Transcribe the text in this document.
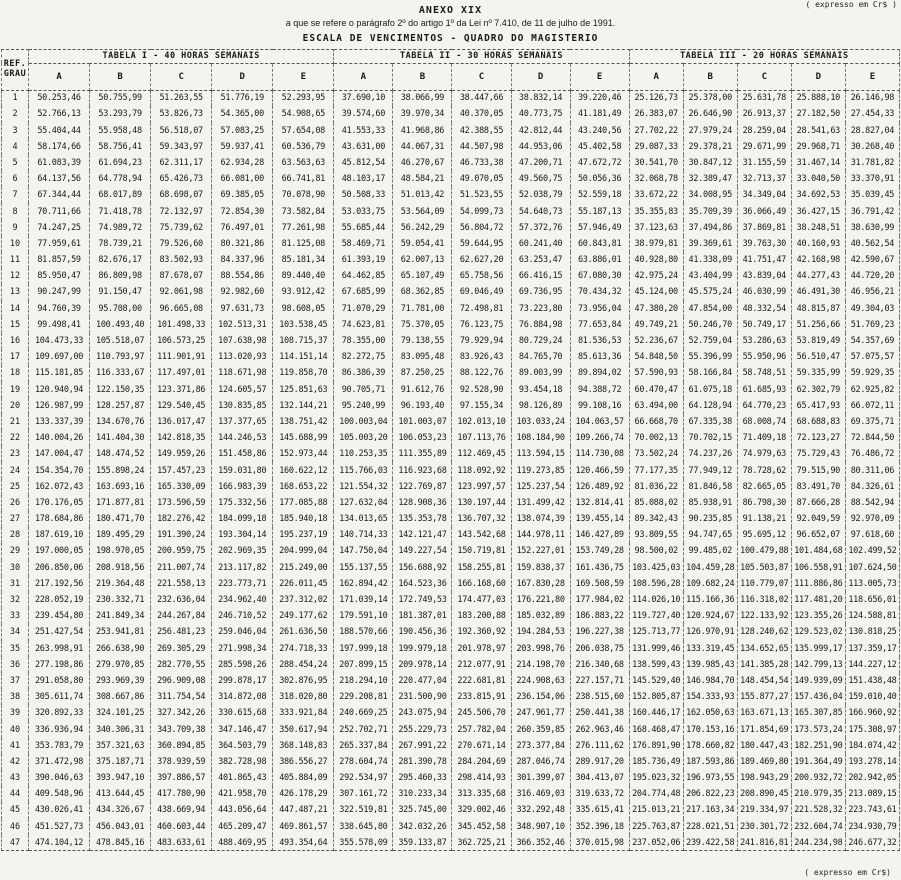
( expresso em Cr$ )
ANEXO XIX
a que se refere o parágrafo 2º do artigo 1º da Lei nº 7.410, de 11 de julho de 1991.
ESCALA DE VENCIMENTOS - QUADRO DO MAGISTERIO
REF.
GRAU	TABELA I - 40 HORAS SEMANAIS					TABELA II - 30 HORAS SEMANAIS					TABELA III - 20 HORAS SEMANAIS				
	A	B	C	D	E	A	B	C	D	E	A	B	C	D	E
1	50.253,46	50.755,99	51.263,55	51.776,19	52.293,95	37.690,10	38.066,99	38.447,66	38.832,14	39.220,46	25.126,73	25.378,00	25.631,78	25.888,10	26.146,98
2	52.766,13	53.293,79	53.826,73	54.365,00	54.908,65	39.574,60	39.970,34	40.370,05	40.773,75	41.181,49	26.383,07	26.646,90	26.913,37	27.182,50	27.454,33
3	55.404,44	55.958,48	56.518,07	57.083,25	57.654,08	41.553,33	41.968,86	42.388,55	42.812,44	43.240,56	27.702,22	27.979,24	28.259,04	28.541,63	28.827,04
4	58.174,66	58.756,41	59.343,97	59.937,41	60.536,79	43.631,00	44.067,31	44.507,98	44.953,06	45.402,58	29.087,33	29.378,21	29.671,99	29.968,71	30.268,40
5	61.083,39	61.694,23	62.311,17	62.934,28	63.563,63	45.812,54	46.270,67	46.733,38	47.200,71	47.672,72	30.541,70	30.847,12	31.155,59	31.467,14	31.781,82
6	64.137,56	64.778,94	65.426,73	66.081,00	66.741,81	48.103,17	48.584,21	49.070,05	49.560,75	50.056,36	32.068,78	32.389,47	32.713,37	33.040,50	33.370,91
7	67.344,44	68.017,89	68.698,07	69.385,05	70.078,90	50.508,33	51.013,42	51.523,55	52.038,79	52.559,18	33.672,22	34.008,95	34.349,04	34.692,53	35.039,45
8	70.711,66	71.418,78	72.132,97	72.854,30	73.582,84	53.033,75	53.564,09	54.099,73	54.640,73	55.187,13	35.355,83	35.709,39	36.066,49	36.427,15	36.791,42
9	74.247,25	74.989,72	75.739,62	76.497,01	77.261,98	55.685,44	56.242,29	56.804,72	57.372,76	57.946,49	37.123,63	37.494,86	37.869,81	38.248,51	38.630,99
10	77.959,61	78.739,21	79.526,60	80.321,86	81.125,08	58.469,71	59.054,41	59.644,95	60.241,40	60.843,81	38.979,81	39.369,61	39.763,30	40.160,93	40.562,54
11	81.857,59	82.676,17	83.502,93	84.337,96	85.181,34	61.393,19	62.007,13	62.627,20	63.253,47	63.886,01	40.928,80	41.338,09	41.751,47	42.168,98	42.590,67
12	85.950,47	86.809,98	87.678,07	88.554,86	89.440,40	64.462,85	65.107,49	65.758,56	66.416,15	67.080,30	42.975,24	43.404,99	43.839,04	44.277,43	44.720,20
13	90.247,99	91.150,47	92.061,98	92.982,60	93.912,42	67.685,99	68.362,85	69.046,49	69.736,95	70.434,32	45.124,00	45.575,24	46.030,99	46.491,30	46.956,21
14	94.760,39	95.708,00	96.665,08	97.631,73	98.608,05	71.070,29	71.781,00	72.498,81	73.223,80	73.956,04	47.380,20	47.854,00	48.332,54	48.815,87	49.304,03
15	99.498,41	100.493,40	101.498,33	102.513,31	103.538,45	74.623,81	75.370,05	76.123,75	76.884,98	77.653,84	49.749,21	50.246,70	50.749,17	51.256,66	51.769,23
16	104.473,33	105.518,07	106.573,25	107.638,98	108.715,37	78.355,00	79.138,55	79.929,94	80.729,24	81.536,53	52.236,67	52.759,04	53.286,63	53.819,49	54.357,69
17	109.697,00	110.793,97	111.901,91	113.020,93	114.151,14	82.272,75	83.095,48	83.926,43	84.765,70	85.613,36	54.848,50	55.396,99	55.950,96	56.510,47	57.075,57
18	115.181,85	116.333,67	117.497,01	118.671,98	119.858,70	86.386,39	87.250,25	88.122,76	89.003,99	89.894,02	57.590,93	58.166,84	58.748,51	59.335,99	59.929,35
19	120.940,94	122.150,35	123.371,86	124.605,57	125.851,63	90.705,71	91.612,76	92.528,90	93.454,18	94.388,72	60.470,47	61.075,18	61.685,93	62.302,79	62.925,82
20	126.987,99	128.257,87	129.540,45	130.835,85	132.144,21	95.240,99	96.193,40	97.155,34	98.126,89	99.108,16	63.494,00	64.128,94	64.770,23	65.417,93	66.072,11
21	133.337,39	134.670,76	136.017,47	137.377,65	138.751,42	100.003,04	101.003,07	102.013,10	103.033,24	104.063,57	66.668,70	67.335,38	68.008,74	68.688,83	69.375,71
22	140.004,26	141.404,30	142.818,35	144.246,53	145.688,99	105.003,20	106.053,23	107.113,76	108.184,90	109.266,74	70.002,13	70.702,15	71.409,18	72.123,27	72.844,50
23	147.004,47	148.474,52	149.959,26	151.458,86	152.973,44	110.253,35	111.355,89	112.469,45	113.594,15	114.730,08	73.502,24	74.237,26	74.979,63	75.729,43	76.486,72
24	154.354,70	155.898,24	157.457,23	159.031,80	160.622,12	115.766,03	116.923,68	118.092,92	119.273,85	120.466,59	77.177,35	77.949,12	78.728,62	79.515,90	80.311,06
25	162.072,43	163.693,16	165.330,09	166.983,39	168.653,22	121.554,32	122.769,87	123.997,57	125.237,54	126.489,92	81.036,22	81.846,58	82.665,05	83.491,70	84.326,61
26	170.176,05	171.877,81	173.596,59	175.332,56	177.085,88	127.632,04	128.908,36	130.197,44	131.499,42	132.814,41	85.088,02	85.938,91	86.798,30	87.666,28	88.542,94
27	178.684,86	180.471,70	182.276,42	184.099,18	185.940,18	134.013,65	135.353,78	136.707,32	138.074,39	139.455,14	89.342,43	90.235,85	91.138,21	92.049,59	92.970,09
28	187.619,10	189.495,29	191.390,24	193.304,14	195.237,19	140.714,33	142.121,47	143.542,68	144.978,11	146.427,89	93.809,55	94.747,65	95.695,12	96.652,07	97.618,60
29	197.000,05	198.970,05	200.959,75	202.969,35	204.999,04	147.750,04	149.227,54	150.719,81	152.227,01	153.749,28	98.500,02	99.485,02	100.479,88	101.484,68	102.499,52
30	206.850,06	208.918,56	211.007,74	213.117,82	215.249,00	155.137,55	156.688,92	158.255,81	159.838,37	161.436,75	103.425,03	104.459,28	105.503,87	106.558,91	107.624,50
31	217.192,56	219.364,48	221.558,13	223.773,71	226.011,45	162.894,42	164.523,36	166.168,60	167.830,28	169.508,59	108.596,28	109.682,24	110.779,07	111.886,86	113.005,73
32	228.052,19	230.332,71	232.636,04	234.962,40	237.312,02	171.039,14	172.749,53	174.477,03	176.221,80	177.984,02	114.026,10	115.166,36	116.318,02	117.481,20	118.656,01
33	239.454,80	241.849,34	244.267,84	246.710,52	249.177,62	179.591,10	181.387,01	183.200,88	185.032,89	186.883,22	119.727,40	120.924,67	122.133,92	123.355,26	124.588,81
34	251.427,54	253.941,81	256.481,23	259.046,04	261.636,50	188.570,66	190.456,36	192.360,92	194.284,53	196.227,38	125.713,77	126.970,91	128.240,62	129.523,02	130.818,25
35	263.998,91	266.638,90	269.305,29	271.998,34	274.718,33	197.999,18	199.979,18	201.978,97	203.998,76	206.038,75	131.999,46	133.319,45	134.652,65	135.999,17	137.359,17
36	277.198,86	279.970,85	282.770,55	285.598,26	288.454,24	207.899,15	209.978,14	212.077,91	214.198,70	216.340,68	138.599,43	139.985,43	141.385,28	142.799,13	144.227,12
37	291.058,80	293.969,39	296.909,08	299.878,17	302.876,95	218.294,10	220.477,04	222.681,81	224.908,63	227.157,71	145.529,40	146.984,70	148.454,54	149.939,09	151.438,48
38	305.611,74	308.667,86	311.754,54	314.872,08	318.020,80	229.208,81	231.500,90	233.815,91	236.154,06	238.515,60	152.805,87	154.333,93	155.877,27	157.436,04	159.010,40
39	320.892,33	324.101,25	327.342,26	330.615,68	333.921,84	240.669,25	243.075,94	245.506,70	247.961,77	250.441,38	160.446,17	162.050,63	163.671,13	165.307,85	166.960,92
40	336.936,94	340.306,31	343.709,38	347.146,47	350.617,94	252.702,71	255.229,73	257.782,04	260.359,85	262.963,46	168.468,47	170.153,16	171.854,69	173.573,24	175.308,97
41	353.783,79	357.321,63	360.894,85	364.503,79	368.148,83	265.337,84	267.991,22	270.671,14	273.377,84	276.111,62	176.891,90	178.660,82	180.447,43	182.251,90	184.074,42
42	371.472,98	375.187,71	378.939,59	382.728,98	386.556,27	278.604,74	281.390,78	284.204,69	287.046,74	289.917,20	185.736,49	187.593,86	189.469,80	191.364,49	193.278,14
43	390.046,63	393.947,10	397.886,57	401.865,43	405.884,09	292.534,97	295.460,33	298.414,93	301.399,07	304.413,07	195.023,32	196.973,55	198.943,29	200.932,72	202.942,05
44	409.548,96	413.644,45	417.780,90	421.958,70	426.178,29	307.161,72	310.233,34	313.335,68	316.469,03	319.633,72	204.774,48	206.822,23	208.890,45	210.979,35	213.089,15
45	430.026,41	434.326,67	438.669,94	443.056,64	447.487,21	322.519,81	325.745,00	329.002,46	332.292,48	335.615,41	215.013,21	217.163,34	219.334,97	221.528,32	223.743,61
46	451.527,73	456.043,01	460.603,44	465.209,47	469.861,57	338.645,80	342.032,26	345.452,58	348.907,10	352.396,18	225.763,87	228.021,51	230.301,72	232.604,74	234.930,79
47	474.104,12	478.845,16	483.633,61	488.469,95	493.354,64	355.578,09	359.133,87	362.725,21	366.352,46	370.015,98	237.052,06	239.422,58	241.816,81	244.234,98	246.677,32
( expresso em Cr$)
